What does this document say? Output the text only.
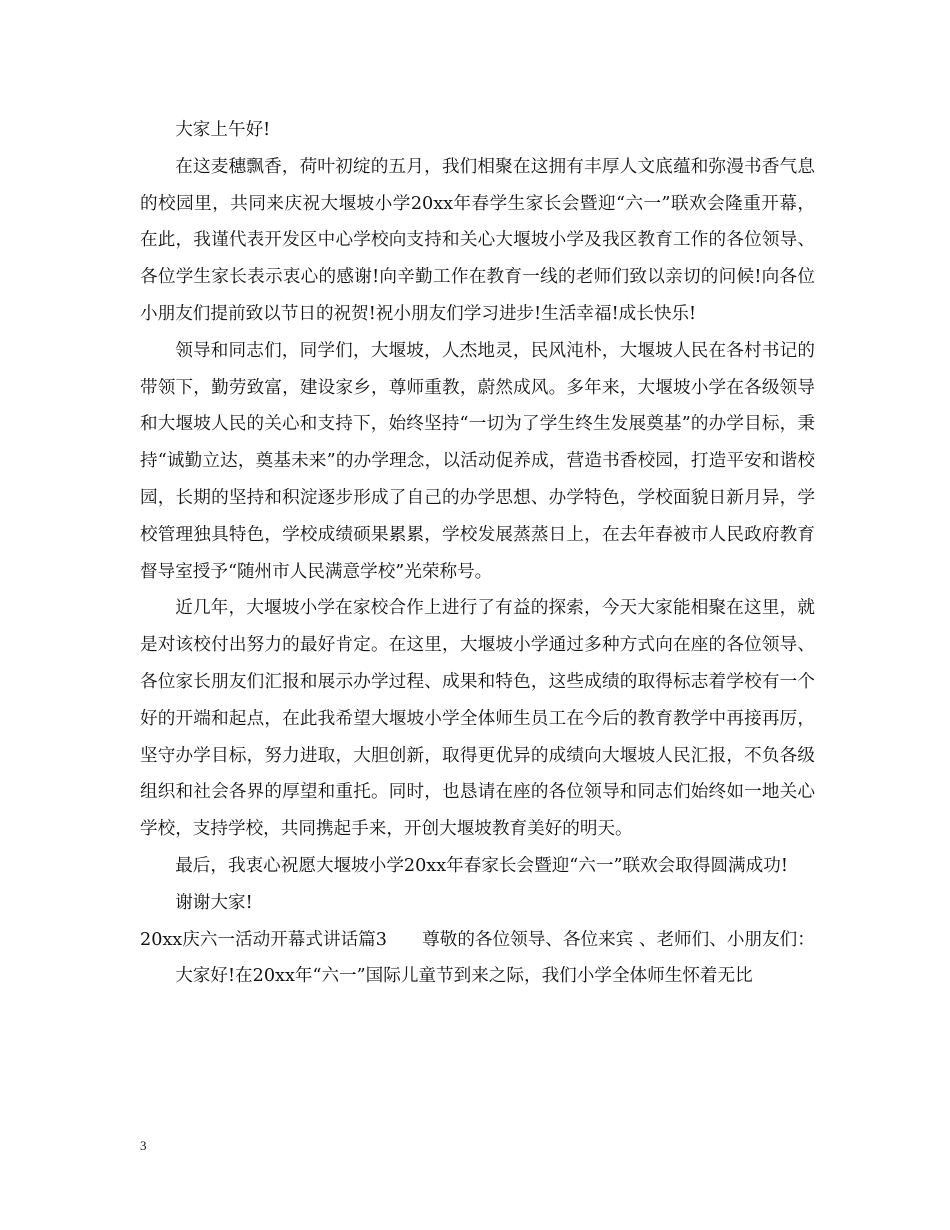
大家上午好!

在这麦穗飘香，荷叶初绽的五月，我们相聚在这拥有丰厚人文底蕴和弥漫书香气息的校园里，共同来庆祝大堰坡小学20xx年春学生家长会暨迎“六一”联欢会隆重开幕，在此，我谨代表开发区中心学校向支持和关心大堰坡小学及我区教育工作的各位领导、各位学生家长表示衷心的感谢!向辛勤工作在教育一线的老师们致以亲切的问候!向各位小朋友们提前致以节日的祝贺!祝小朋友们学习进步!生活幸福!成长快乐!

领导和同志们，同学们，大堰坡，人杰地灵，民风沌朴，大堰坡人民在各村书记的带领下，勤劳致富，建设家乡，尊师重教，蔚然成风。多年来，大堰坡小学在各级领导和大堰坡人民的关心和支持下，始终坚持“一切为了学生终生发展奠基”的办学目标，秉持“诚勤立达，奠基未来”的办学理念，以活动促养成，营造书香校园，打造平安和谐校园，长期的坚持和积淀逐步形成了自己的办学思想、办学特色，学校面貌日新月异，学校管理独具特色，学校成绩硕果累累，学校发展蒸蒸日上，在去年春被市人民政府教育督导室授予“随州市人民满意学校”光荣称号。

近几年，大堰坡小学在家校合作上进行了有益的探索，今天大家能相聚在这里，就是对该校付出努力的最好肯定。在这里，大堰坡小学通过多种方式向在座的各位领导、各位家长朋友们汇报和展示办学过程、成果和特色，这些成绩的取得标志着学校有一个好的开端和起点，在此我希望大堰坡小学全体师生员工在今后的教育教学中再接再厉，坚守办学目标，努力进取，大胆创新，取得更优异的成绩向大堰坡人民汇报，不负各级组织和社会各界的厚望和重托。同时，也恳请在座的各位领导和同志们始终如一地关心学校，支持学校，共同携起手来，开创大堰坡教育美好的明天。

最后，我衷心祝愿大堰坡小学20xx年春家长会暨迎“六一”联欢会取得圆满成功!

谢谢大家!

20xx庆六一活动开幕式讲话篇3　　尊敬的各位领导、各位来宾 、老师们、小朋友们：

大家好!在20xx年“六一”国际儿童节到来之际，我们小学全体师生怀着无比

3
